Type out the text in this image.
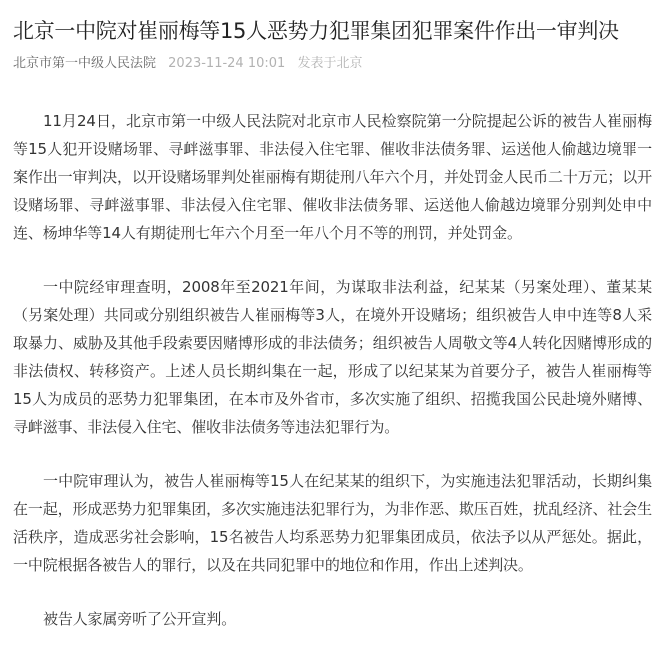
北京一中院对崔丽梅等15人恶势力犯罪集团犯罪案件作出一审判决
北京市第一中级人民法院 2023-11-24 10:01 发表于北京

11月24日，北京市第一中级人民法院对北京市人民检察院第一分院提起公诉的被告人崔丽梅等15人犯开设赌场罪、寻衅滋事罪、非法侵入住宅罪、催收非法债务罪、运送他人偷越边境罪一案作出一审判决，以开设赌场罪判处崔丽梅有期徒刑八年六个月，并处罚金人民币二十万元；以开设赌场罪、寻衅滋事罪、非法侵入住宅罪、催收非法债务罪、运送他人偷越边境罪分别判处申中连、杨坤华等14人有期徒刑七年六个月至一年八个月不等的刑罚，并处罚金。

一中院经审理查明，2008年至2021年间，为谋取非法利益，纪某某（另案处理）、董某某（另案处理）共同或分别组织被告人崔丽梅等3人，在境外开设赌场；组织被告人申中连等8人采取暴力、威胁及其他手段索要因赌博形成的非法债务；组织被告人周敬文等4人转化因赌博形成的非法债权、转移资产。上述人员长期纠集在一起，形成了以纪某某为首要分子，被告人崔丽梅等15人为成员的恶势力犯罪集团，在本市及外省市，多次实施了组织、招揽我国公民赴境外赌博、寻衅滋事、非法侵入住宅、催收非法债务等违法犯罪行为。

一中院审理认为，被告人崔丽梅等15人在纪某某的组织下，为实施违法犯罪活动，长期纠集在一起，形成恶势力犯罪集团，多次实施违法犯罪行为，为非作恶、欺压百姓，扰乱经济、社会生活秩序，造成恶劣社会影响，15名被告人均系恶势力犯罪集团成员，依法予以从严惩处。据此，一中院根据各被告人的罪行，以及在共同犯罪中的地位和作用，作出上述判决。

被告人家属旁听了公开宣判。
